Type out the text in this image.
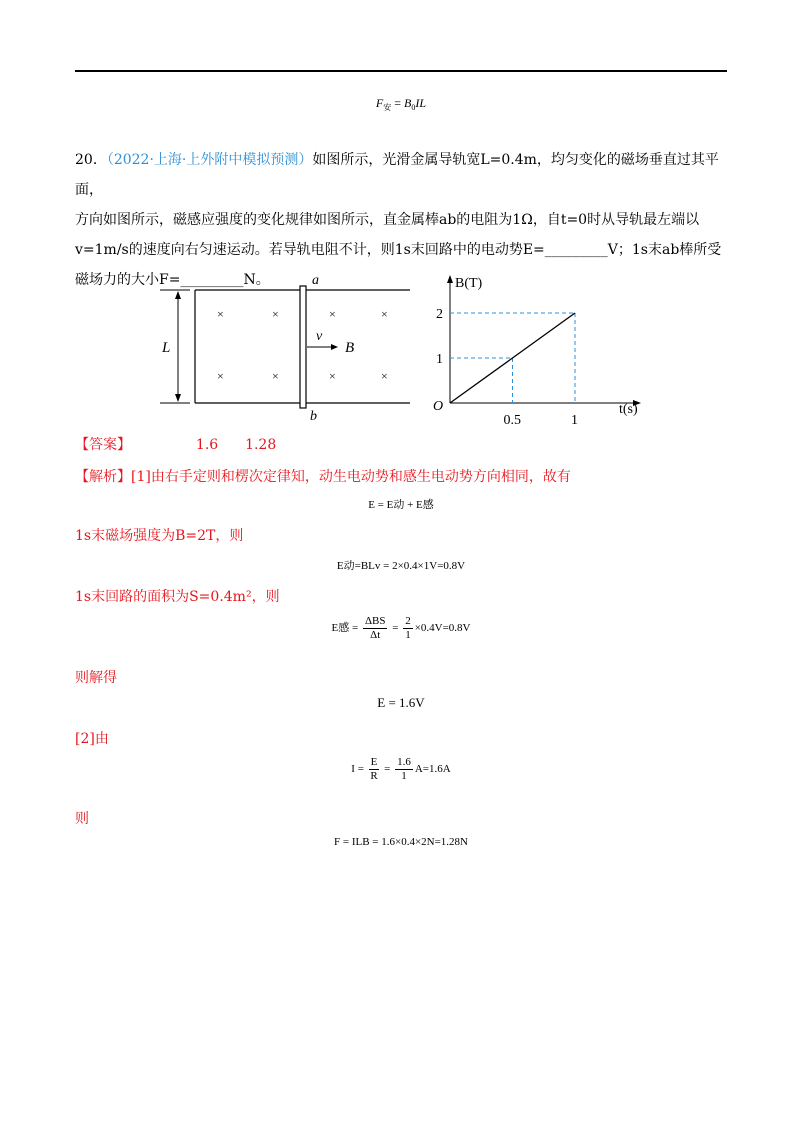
$F_安 = B_0IL$
20．（2022·上海·上外附中模拟预测）如图所示，光滑金属导轨宽L=0.4m，均匀变化的磁场垂直过其平面，
方向如图所示，磁感应强度的变化规律如图所示，直金属棒ab的电阻为1Ω，自t=0时从导轨最左端以
v=1m/s的速度向右匀速运动。若导轨电阻不计，则1s末回路中的电动势E=_________V；1s末ab棒所受
磁场力的大小F=_________N。
L
a
b
v
B
×	×	×	×
×	×	×	×
B(T)
t(s)
O
0.5	1
1
2
【答案】	1.6 1.28
【解析】[1]由右手定则和楞次定律知，动生电动势和感生电动势方向相同，故有
E = E动 + E感
1s末磁场强度为B=2T，则
E动=BLv = 2×0.4×1V=0.8V
1s末回路的面积为S=0.4m²，则
E感 = $\frac{\text{ΔBS}}{\Delta t} = \frac{2}{1} \times 0.4V=0.8V$
则解得
E = 1.6V
[2]由
$I = \frac{E}{R} = \frac{1.6}{1} A=1.6A$
则
F = ILB = 1.6×0.4×2N=1.28N
